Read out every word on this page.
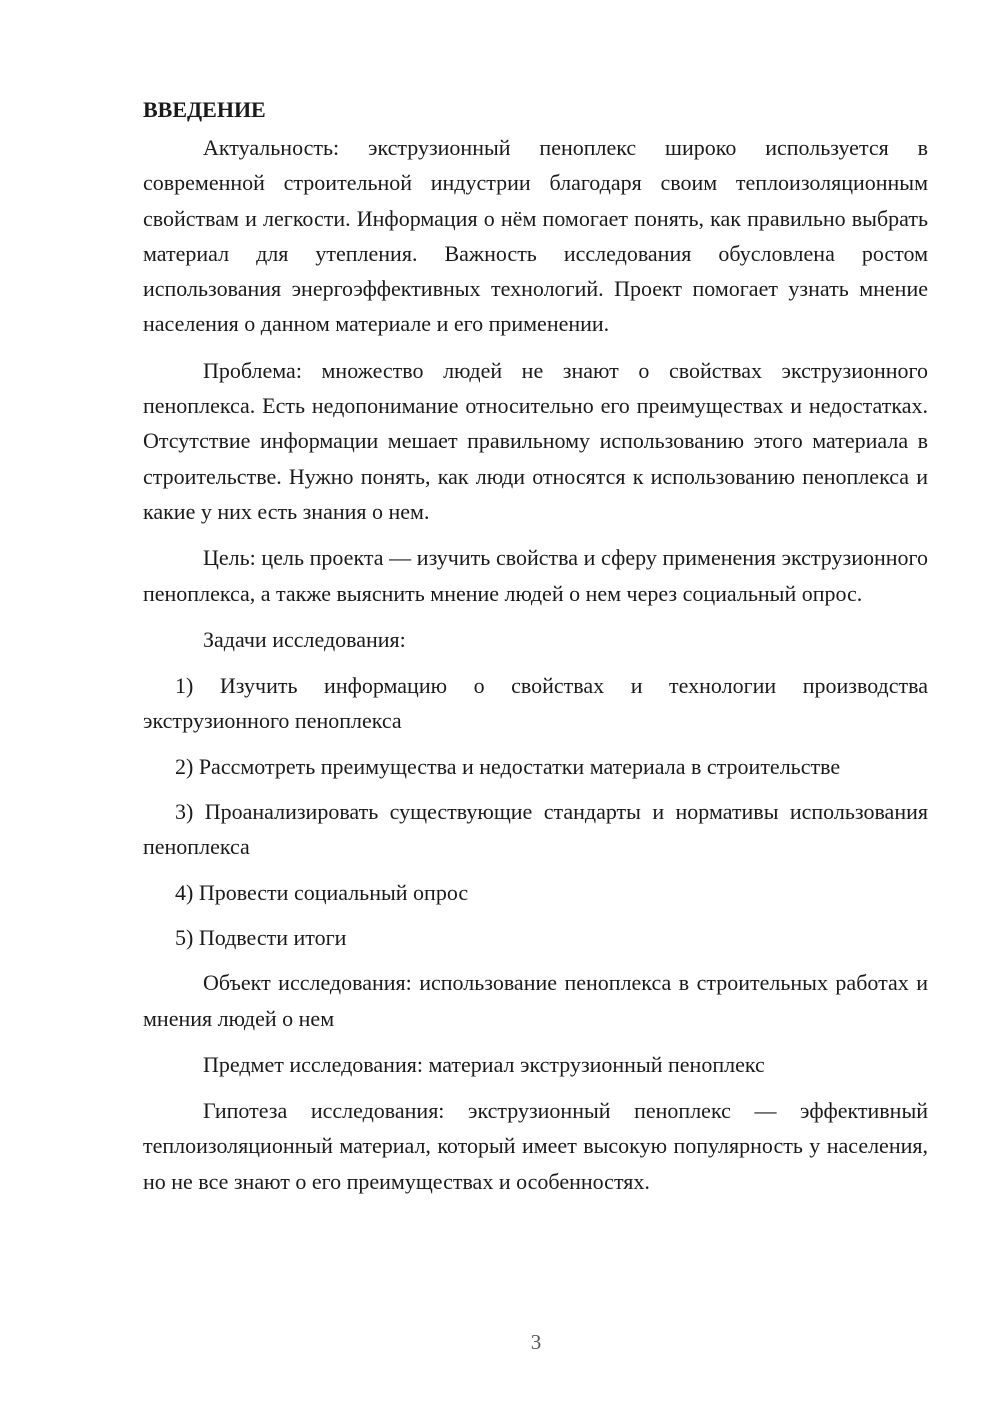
ВВЕДЕНИЕ

Актуальность: экструзионный пеноплекс широко используется в современной строительной индустрии благодаря своим теплоизоляционным свойствам и легкости. Информация о нём помогает понять, как правильно выбрать материал для утепления. Важность исследования обусловлена ростом использования энергоэффективных технологий. Проект помогает узнать мнение населения о данном материале и его применении.

Проблема: множество людей не знают о свойствах экструзионного пеноплекса. Есть недопонимание относительно его преимуществах и недостатках. Отсутствие информации мешает правильному использованию этого материала в строительстве. Нужно понять, как люди относятся к использованию пеноплекса и какие у них есть знания о нем.

Цель: цель проекта — изучить свойства и сферу применения экструзионного пеноплекса, а также выяснить мнение людей о нем через социальный опрос.

Задачи исследования:

1) Изучить информацию о свойствах и технологии производства экструзионного пеноплекса

2) Рассмотреть преимущества и недостатки материала в строительстве

3) Проанализировать существующие стандарты и нормативы использования пеноплекса

4) Провести социальный опрос

5) Подвести итоги

Объект исследования: использование пеноплекса в строительных работах и мнения людей о нем

Предмет исследования: материал экструзионный пеноплекс

Гипотеза исследования: экструзионный пеноплекс — эффективный теплоизоляционный материал, который имеет высокую популярность у населения, но не все знают о его преимуществах и особенностях.

3
